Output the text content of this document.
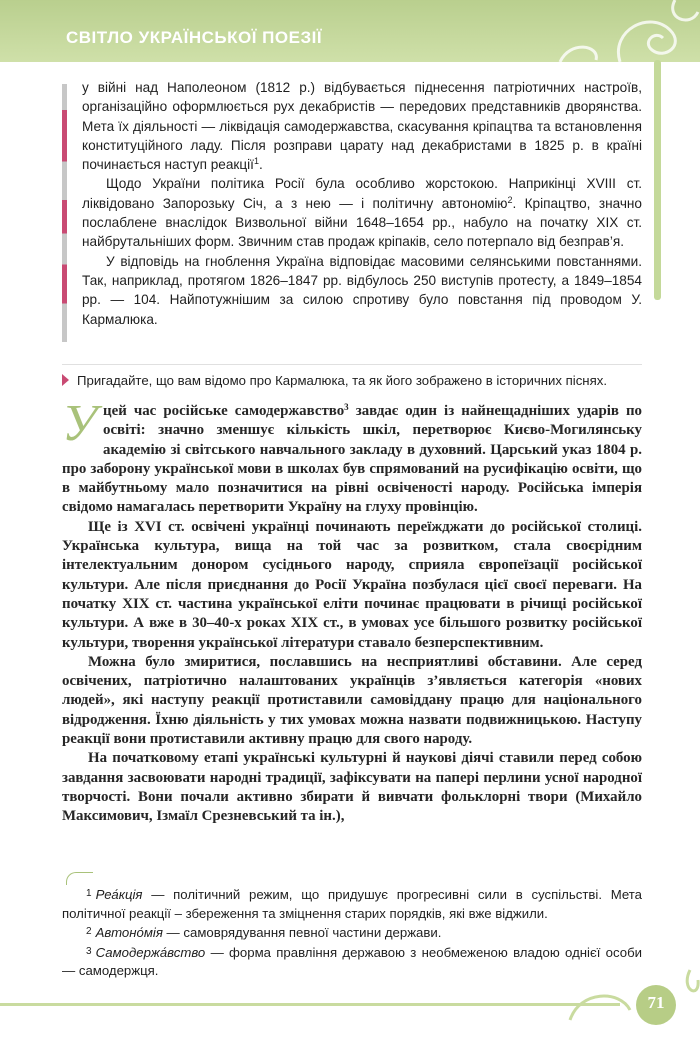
СВІТЛО УКРАЇНСЬКОЇ ПОЕЗІЇ

у війні над Наполеоном (1812 р.) відбувається піднесення патріотичних настроїв, організаційно оформлюється рух декабристів — передових представників дворянства. Мета їх діяльності — ліквідація самодержавства, скасування кріпацтва та встановлення конституційного ладу. Після розправи царату над декабристами в 1825 р. в країні починається наступ реакції$^1$.

Щодо України політика Росії була особливо жорстокою. Наприкінці XVIII ст. ліквідовано Запорозьку Січ, а з нею — і політичну автономію$^2$. Кріпацтво, значно послаблене внаслідок Визвольної війни 1648–1654 рр., набуло на початку XIX ст. найбрутальніших форм. Звичним став продаж кріпаків, село потерпало від безправ’я.

У відповідь на гноблення Україна відповідає масовими селянськими повстаннями. Так, наприклад, протягом 1826–1847 рр. відбулось 250 виступів протесту, а 1849–1854 рр. — 104. Найпотужнішим за силою спротиву було повстання під проводом У. Кармалюка.

Пригадайте, що вам відомо про Кармалюка, та як його зображено в історичних піснях.

Уцей час російське самодержавство$^3$ завдає один із найнещадніших ударів по освіті: значно зменшує кількість шкіл, перетворює Києво-Могилянську академію зі світського навчального закладу в духовний. Царський указ 1804 р. про заборону української мови в школах був спрямований на русифікацію освіти, що в майбутньому мало позначитися на рівні освіченості народу. Російська імперія свідомо намагалась перетворити Україну на глуху провінцію.

Ще із XVI ст. освічені українці починають переїжджати до російської столиці. Українська культура, вища на той час за розвитком, стала своєрідним інтелектуальним донором сусіднього народу, сприяла європеїзації російської культури. Але після приєднання до Росії Україна позбулася цієї своєї переваги. На початку XIX ст. частина української еліти починає працювати в річищі російської культури. А вже в 30–40-х роках XIX ст., в умовах усе більшого розвитку російської культури, творення української літератури ставало безперспективним.

Можна було змиритися, пославшись на несприятливі обставини. Але серед освічених, патріотично налаштованих українців з’являється категорія «нових людей», які наступу реакції протиставили самовіддану працю для національного відродження. Їхню діяльність у тих умовах можна назвати подвижницькою. Наступу реакції вони протиставили активну працю для свого народу.

На початковому етапі українські культурні й наукові діячі ставили перед собою завдання засвоювати народні традиції, зафіксувати на папері перлини усної народної творчості. Вони почали активно збирати й вивчати фольклорні твори (Михайло Максимович, Ізмаїл Срезневський та ін.),

$^1$ Реа́кція — політичний режим, що придушує прогресивні сили в суспільстві. Мета політичної реакції – збереження та зміцнення старих порядків, які вже віджили.

$^2$ Автоно́мія — самоврядування певної частини держави.

$^3$ Самодержа́вство — форма правління державою з необмеженою владою однієї особи — самодержця.

71
